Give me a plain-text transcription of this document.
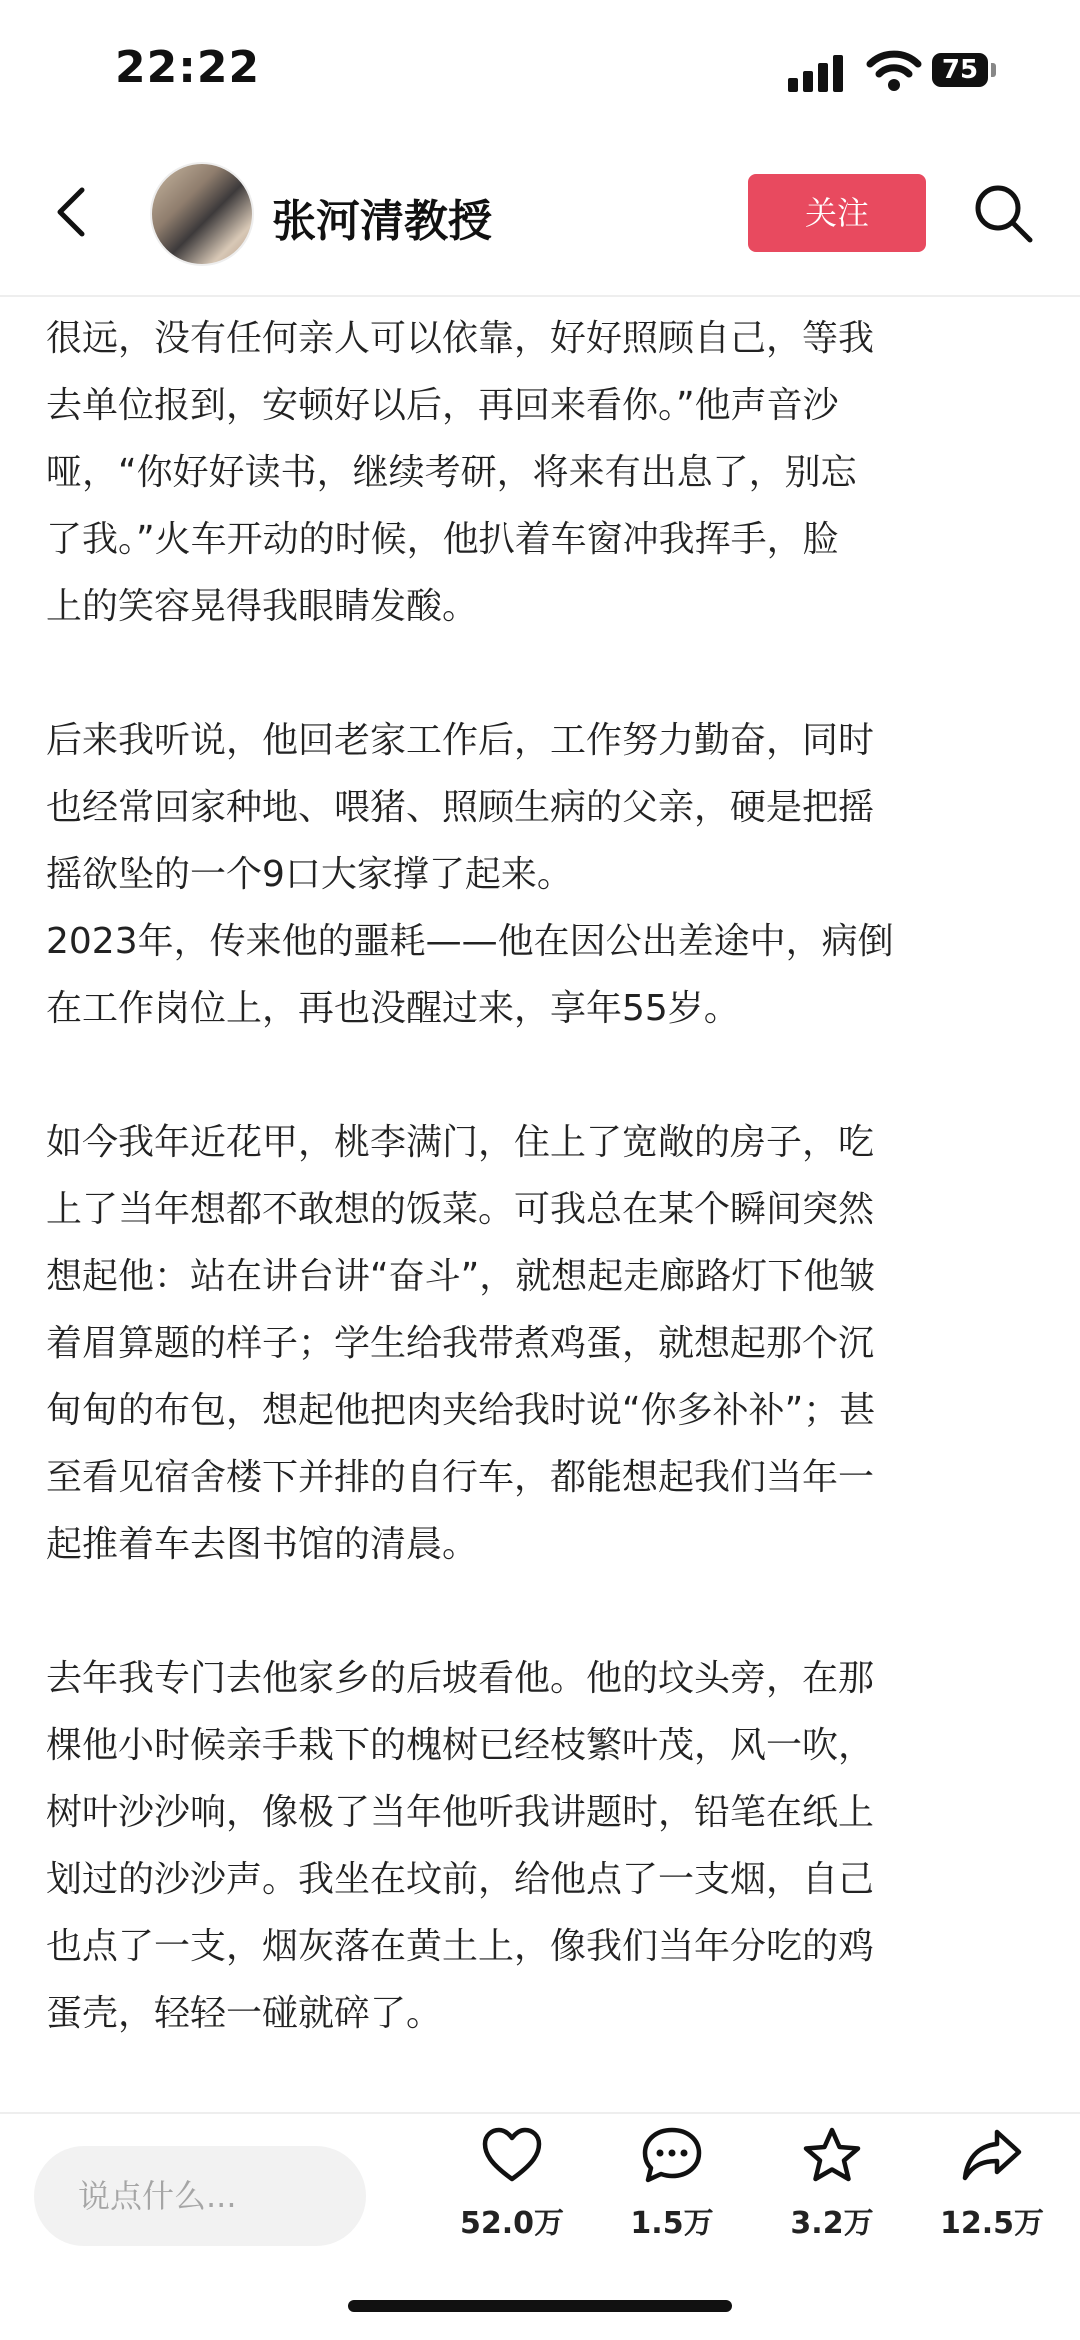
22:22	75
张河清教授	关注

很远，没有任何亲人可以依靠，好好照顾自己，等我
去单位报到，安顿好以后，再回来看你。”他声音沙
哑，“你好好读书，继续考研，将来有出息了，别忘
了我。”火车开动的时候，他扒着车窗冲我挥手，脸
上的笑容晃得我眼睛发酸。

后来我听说，他回老家工作后，工作努力勤奋，同时
也经常回家种地、喂猪、照顾生病的父亲，硬是把摇
摇欲坠的一个9口大家撑了起来。
2023年，传来他的噩耗——他在因公出差途中，病倒
在工作岗位上，再也没醒过来，享年55岁。

如今我年近花甲，桃李满门，住上了宽敞的房子，吃
上了当年想都不敢想的饭菜。可我总在某个瞬间突然
想起他：站在讲台讲“奋斗”，就想起走廊路灯下他皱
着眉算题的样子；学生给我带煮鸡蛋，就想起那个沉
甸甸的布包，想起他把肉夹给我时说“你多补补”；甚
至看见宿舍楼下并排的自行车，都能想起我们当年一
起推着车去图书馆的清晨。

去年我专门去他家乡的后坡看他。他的坟头旁，在那
棵他小时候亲手栽下的槐树已经枝繁叶茂，风一吹，
树叶沙沙响，像极了当年他听我讲题时，铅笔在纸上
划过的沙沙声。我坐在坟前，给他点了一支烟，自己
也点了一支，烟灰落在黄土上，像我们当年分吃的鸡
蛋壳，轻轻一碰就碎了。

说点什么...
52.0万	1.5万	3.2万	12.5万
